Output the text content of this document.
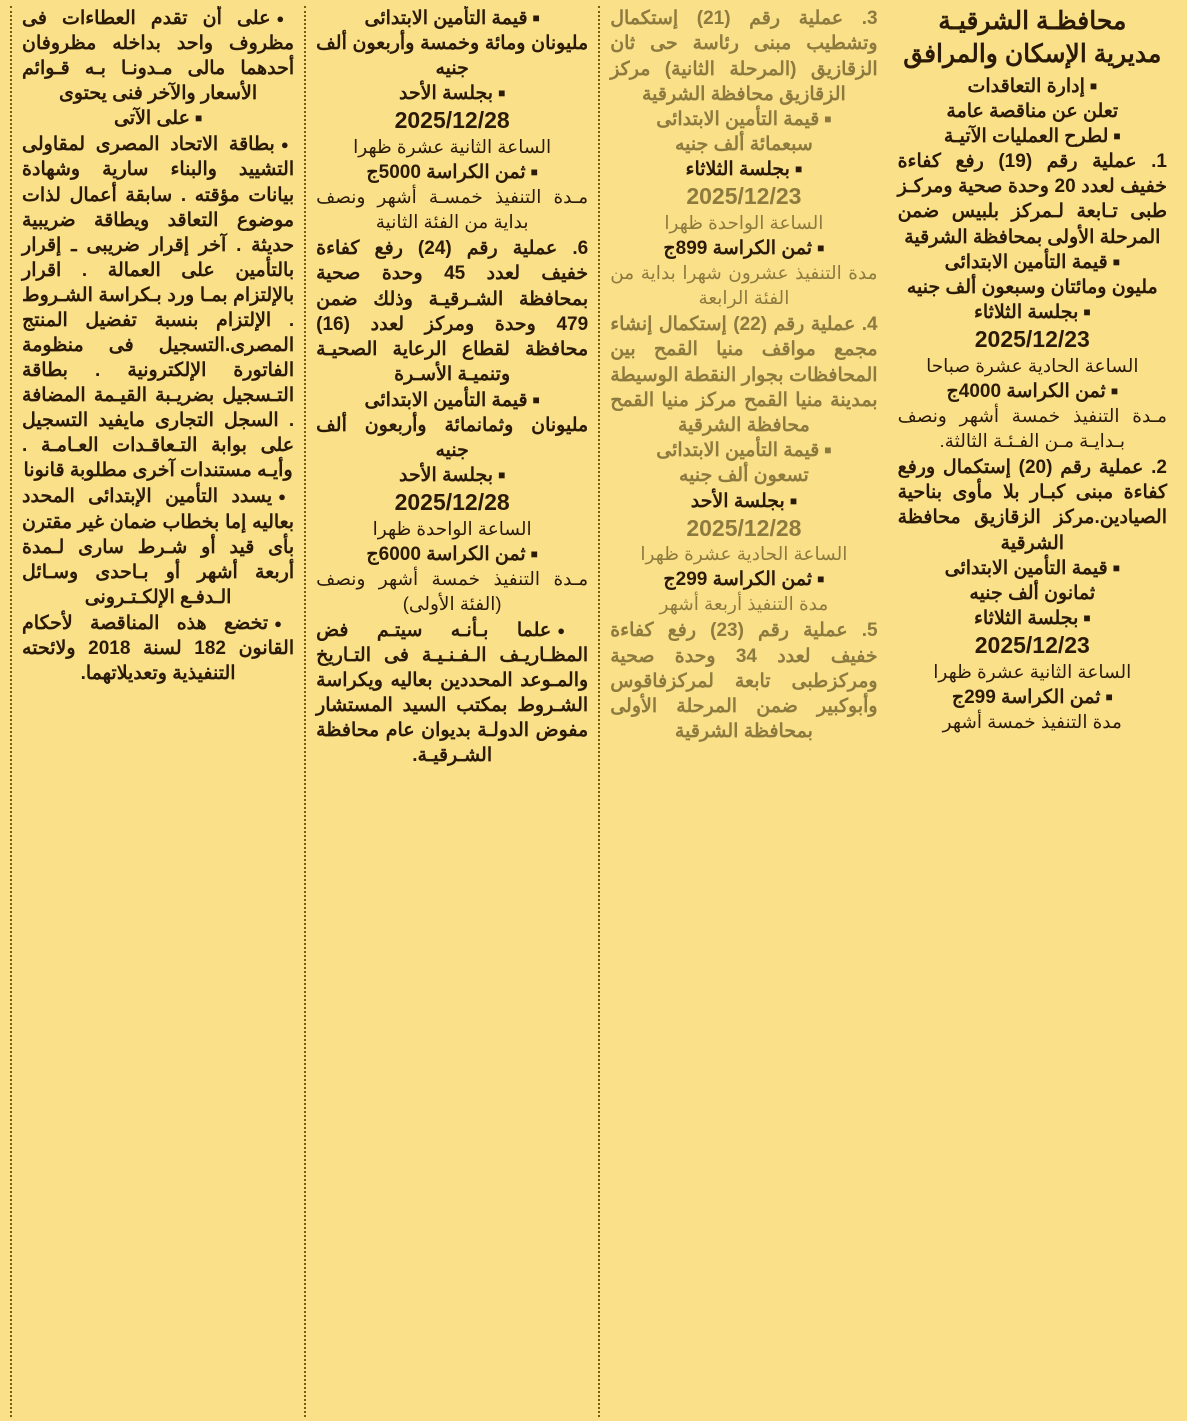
محافظـة الشرقيـة
مديرية الإسكان والمرافق
■ إدارة التعاقدات
تعلن عن مناقصة عامة
■ لطرح العمليات الآتيـة
1. عملية رقم (19) رفع كفاءة خفيف لعدد 20 وحدة صحية ومركـز طبى تـابعة لـمركز بلبيس ضمن المرحلة الأولى بمحافظة الشرقية
■ قيمة التأمين الابتدائى
مليون ومائتان وسبعون ألف جنيه
■ بجلسة الثلاثاء
2025/12/23
الساعة الحادية عشرة صباحا
■ ثمن الكراسة 4000ج
مـدة التنفيذ خمسة أشهر ونصف بـدايـة مـن الفـئـة الثالثة.
2. عملية رقم (20) إستكمال ورفع كفاءة مبنى كبـار بلا مأوى بناحية الصيادين.مركز الزقازيق محافظة الشرقية
■ قيمة التأمين الابتدائى
ثمانون ألف جنيه
■ بجلسة الثلاثاء
2025/12/23
الساعة الثانية عشرة ظهرا
■ ثمن الكراسة 299ج
مدة التنفيذ خمسة أشهر
3. عملية رقم (21) إستكمال وتشطيب مبنى رئاسة حى ثان الزقازيق (المرحلة الثانية) مركز الزقازيق محافظة الشرقية
■ قيمة التأمين الابتدائى
سبعمائة ألف جنيه
■ بجلسة الثلاثاء
2025/12/23
الساعة الواحدة ظهرا
■ ثمن الكراسة 899ج
مدة التنفيذ عشرون شهرا بداية من الفئة الرابعة
4. عملية رقم (22) إستكمال إنشاء مجمع مواقف منيا القمح بين المحافظات بجوار النقطة الوسيطة بمدينة منيا القمح مركز منيا القمح محافظة الشرقية
■ قيمة التأمين الابتدائى
تسعون ألف جنيه
■ بجلسة الأحد
2025/12/28
الساعة الحادية عشرة ظهرا
■ ثمن الكراسة 299ج
مدة التنفيذ أربعة أشهر
5. عملية رقم (23) رفع كفاءة خفيف لعدد 34 وحدة صحية ومركزطبى تابعة لمركزفاقوس وأبوكبير ضمن المرحلة الأولى بمحافظة الشرقية
■ قيمة التأمين الابتدائى
مليونان ومائة وخمسة وأربعون ألف جنيه
■ بجلسة الأحد
2025/12/28
الساعة الثانية عشرة ظهرا
■ ثمن الكراسة 5000ج
مـدة التنفيذ خمسـة أشهر ونصف بداية من الفئة الثانية
6. عملية رقم (24) رفع كفاءة خفيف لعدد 45 وحدة صحية بمحافظة الشـرقيـة وذلك ضمن 479 وحدة ومركز لعدد (16) محافظة لقطاع الرعاية الصحيـة وتنميـة الأسـرة
■ قيمة التأمين الابتدائى
مليونان وثمانمائة وأربعون ألف جنيه
■ بجلسة الأحد
2025/12/28
الساعة الواحدة ظهرا
■ ثمن الكراسة 6000ج
مـدة التنفيذ خمسة أشهر ونصف (الفئة الأولى)
● علما بـأنـه سيتـم فض المظـاريـف الـفـنـيـة فى التـاريخ والمـوعد المحددين بعاليه ويكراسة الشـروط بمكتب السيد المستشار مفوض الدولـة بديوان عام محافظة الشـرقيـة.
● على أن تقدم العطاءات فى مظروف واحد بداخله مظروفان أحدهما مالى مـدونـا بـه قـوائم الأسعار والآخر فنى يحتوى
■ على الآتى
● بطاقة الاتحاد المصرى لمقاولى التشييد والبناء سارية وشهادة بيانات مؤقته . سابقة أعمال لذات موضوع التعاقد ويطاقة ضريبية حديثة . آخر إقرار ضريبى ـ إقرار بالتأمين على العمالة . اقرار بالإلتزام بمـا ورد بـكراسة الشـروط . الإلتزام بنسبة تفضيل المنتج المصرى.التسجيل فى منظومة الفاتورة الإلكترونية . بطاقة التـسجيل بضريـبة القيـمة المضافة . السجل التجارى مايفيد التسجيل على بوابة التـعاقـدات العـامـة . وأيـه مستندات آخرى مطلوبة قانونا
● يسدد التأمين الإبتدائى المحدد بعاليه إما بخطاب ضمان غير مقترن بأى قيد أو شـرط سارى لـمدة أربعة أشهر أو بـاحدى وسـائل الـدفـع الإلكـتـرونى
● تخضع هذه المناقصة لأحكام القانون 182 لسنة 2018 ولائحته التنفيذية وتعديلاتهما.
